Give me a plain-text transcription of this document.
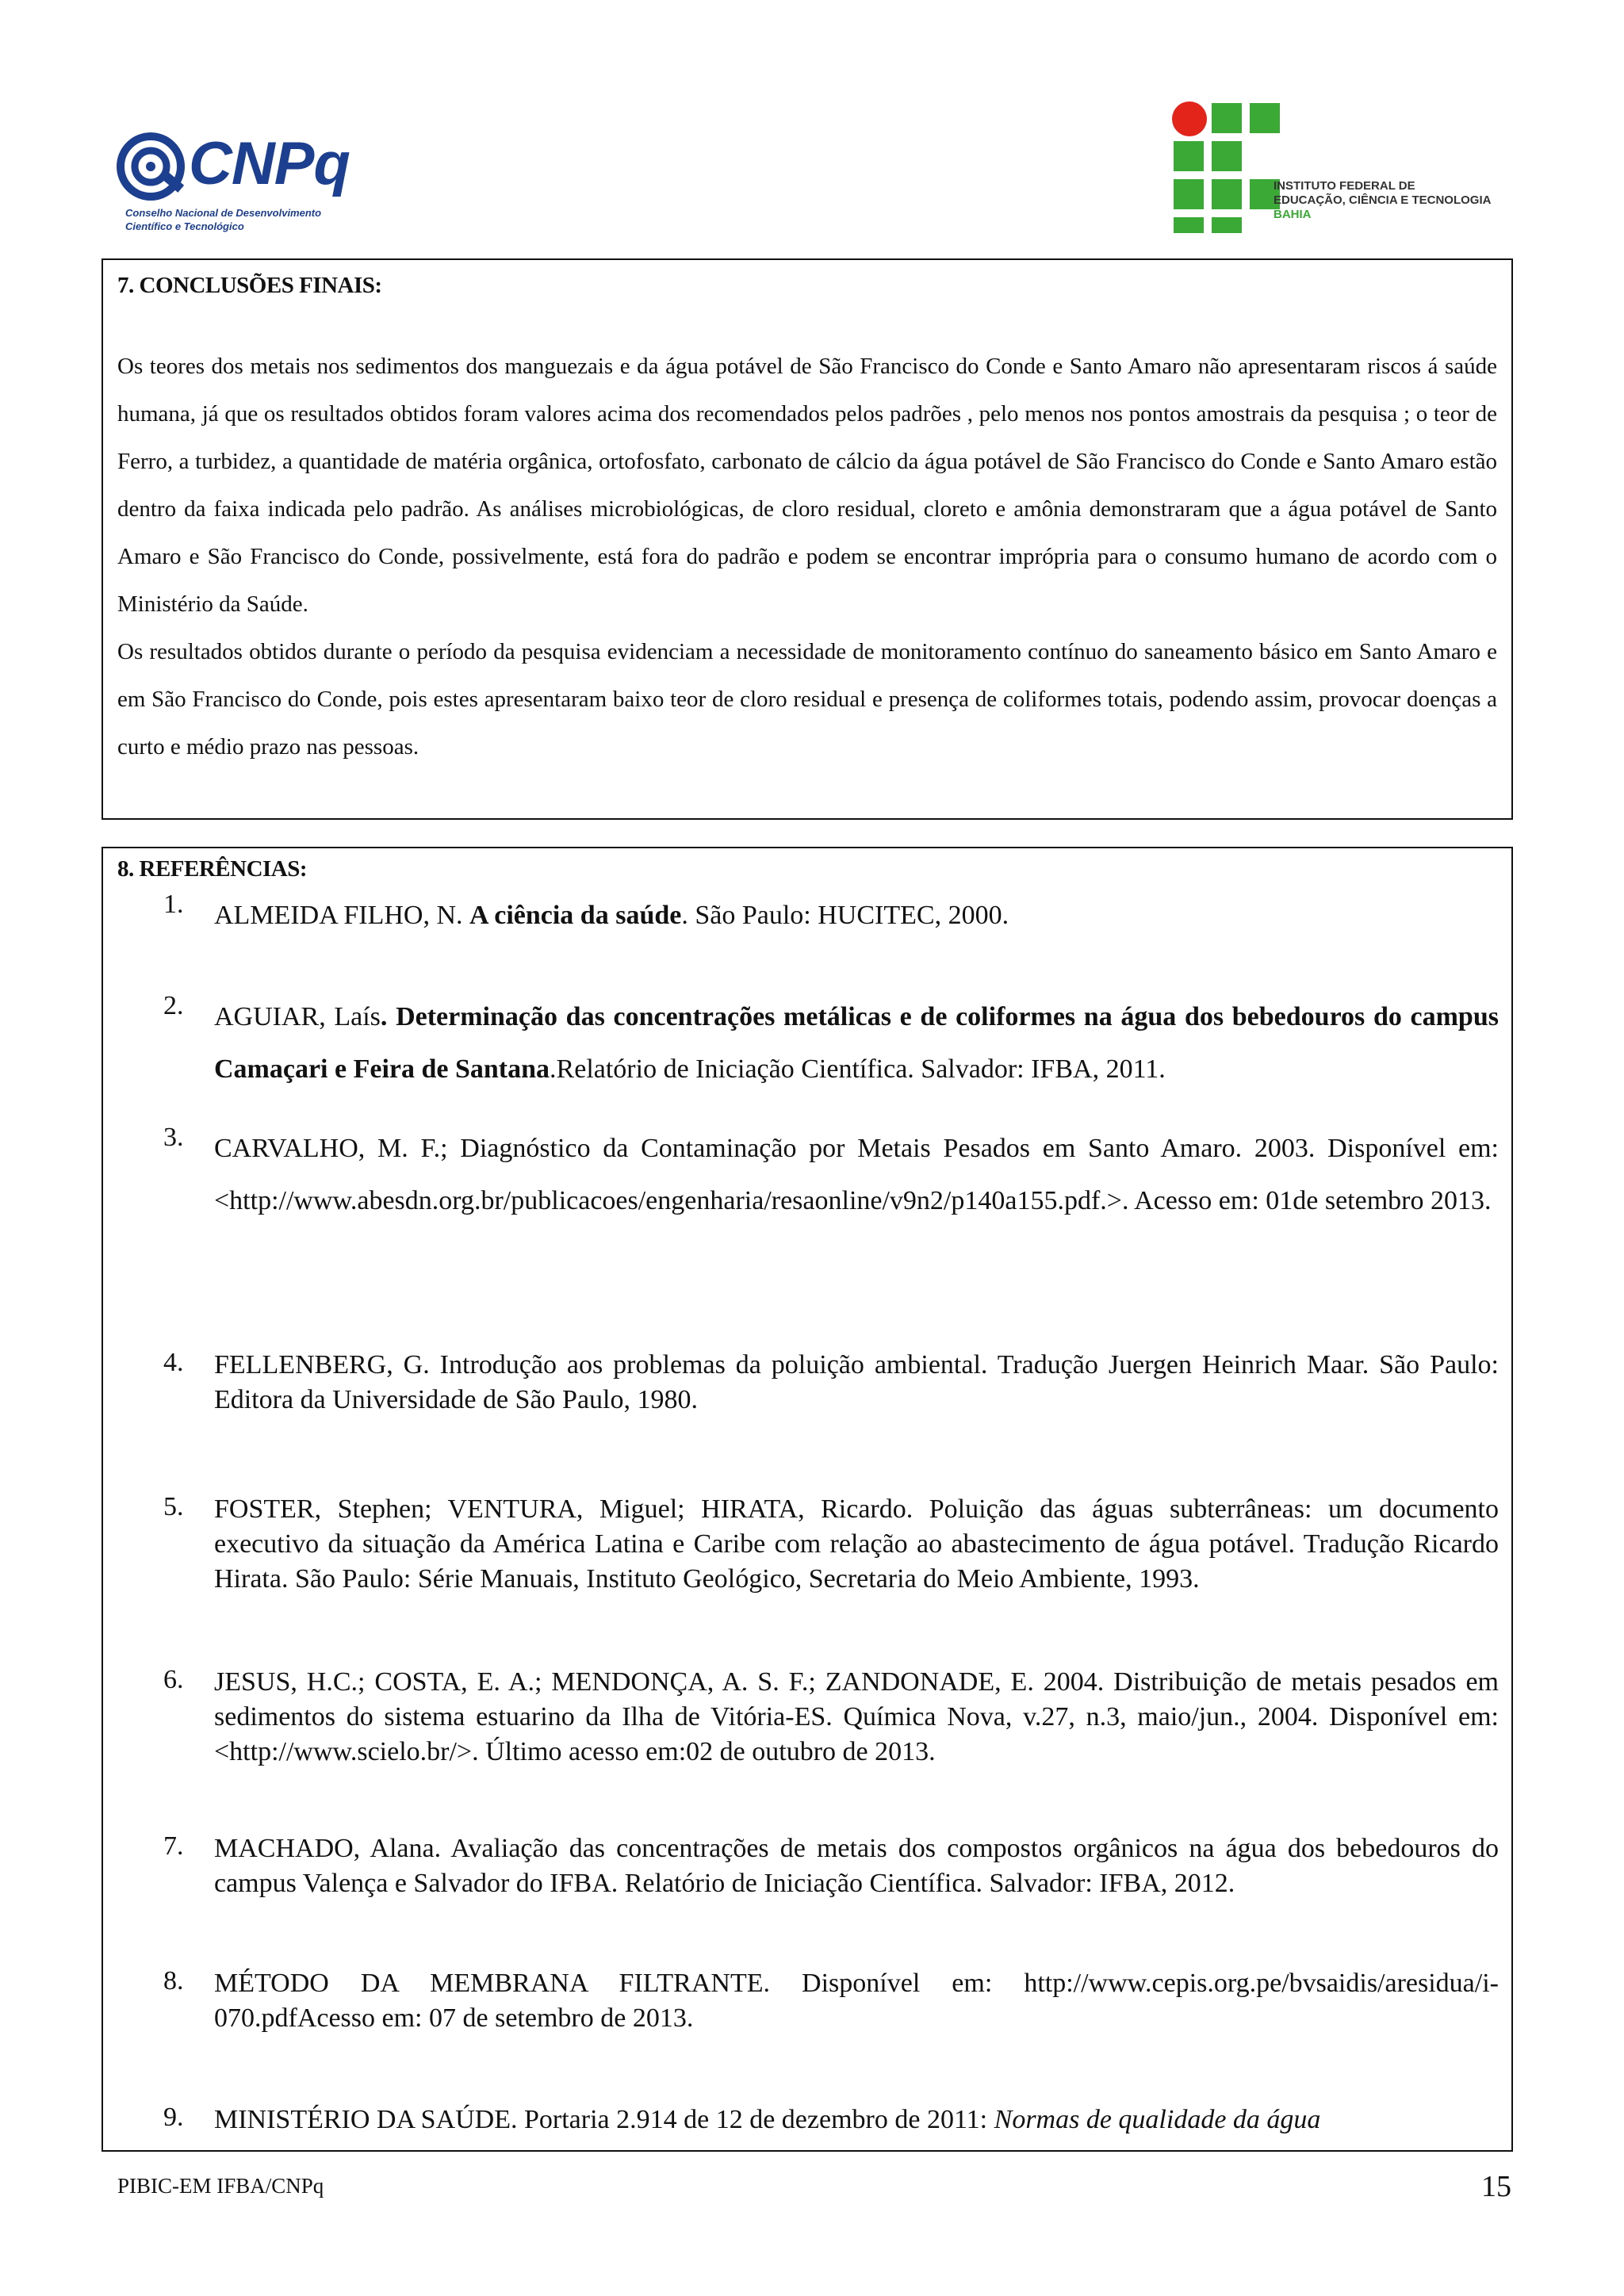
CNPq
Conselho Nacional de Desenvolvimento
Científico e Tecnológico
INSTITUTO FEDERAL DE
EDUCAÇÃO, CIÊNCIA E TECNOLOGIA
BAHIA
7. CONCLUSÕES FINAIS:

Os teores dos metais nos sedimentos dos manguezais e da água potável de São Francisco do Conde e Santo Amaro não apresentaram riscos á saúde humana, já que os resultados obtidos foram valores acima dos recomendados pelos padrões , pelo menos nos pontos amostrais da pesquisa ; o teor de Ferro, a turbidez, a quantidade de matéria orgânica, ortofosfato, carbonato de cálcio da água potável de São Francisco do Conde e Santo Amaro estão dentro da faixa indicada pelo padrão. As análises microbiológicas, de cloro residual, cloreto e amônia demonstraram que a água potável de Santo Amaro e São Francisco do Conde, possivelmente, está fora do padrão e podem se encontrar imprópria para o consumo humano de acordo com o Ministério da Saúde.

Os resultados obtidos durante o período da pesquisa evidenciam a necessidade de monitoramento contínuo do saneamento básico em Santo Amaro e em São Francisco do Conde, pois estes apresentaram baixo teor de cloro residual e presença de coliformes totais, podendo assim, provocar doenças a curto e médio prazo nas pessoas.

8. REFERÊNCIAS:
1.	ALMEIDA FILHO, N. A ciência da saúde. São Paulo: HUCITEC, 2000.
2.	AGUIAR, Laís. Determinação das concentrações metálicas e de coliformes na água dos bebedouros do campus Camaçari e Feira de Santana.Relatório de Iniciação Científica. Salvador: IFBA, 2011.
3.	CARVALHO, M. F.; Diagnóstico da Contaminação por Metais Pesados em Santo Amaro. 2003. Disponível em: <http://www.abesdn.org.br/publicacoes/engenharia/resaonline/v9n2/p140a155.pdf.>. Acesso em: 01de setembro 2013.
4.	FELLENBERG, G. Introdução aos problemas da poluição ambiental. Tradução Juergen Heinrich Maar. São Paulo: Editora da Universidade de São Paulo, 1980.
5.	FOSTER, Stephen; VENTURA, Miguel; HIRATA, Ricardo. Poluição das águas subterrâneas: um documento executivo da situação da América Latina e Caribe com relação ao abastecimento de água potável. Tradução Ricardo Hirata. São Paulo: Série Manuais, Instituto Geológico, Secretaria do Meio Ambiente, 1993.
6.	JESUS, H.C.; COSTA, E. A.; MENDONÇA, A. S. F.; ZANDONADE, E. 2004. Distribuição de metais pesados em sedimentos do sistema estuarino da Ilha de Vitória-ES. Química Nova, v.27, n.3, maio/jun., 2004. Disponível em:<http://www.scielo.br/>. Último acesso em:02 de outubro de 2013.
7.	MACHADO, Alana. Avaliação das concentrações de metais dos compostos orgânicos na água dos bebedouros do campus Valença e Salvador do IFBA. Relatório de Iniciação Científica. Salvador: IFBA, 2012.
8.	MÉTODO DA MEMBRANA FILTRANTE. Disponível em: http://www.cepis.org.pe/bvsaidis/aresidua/i-070.pdfAcesso em: 07 de setembro de 2013.
9.	MINISTÉRIO DA SAÚDE. Portaria 2.914 de 12 de dezembro de 2011: Normas de qualidade da água
PIBIC-EM IFBA/CNPq	15
